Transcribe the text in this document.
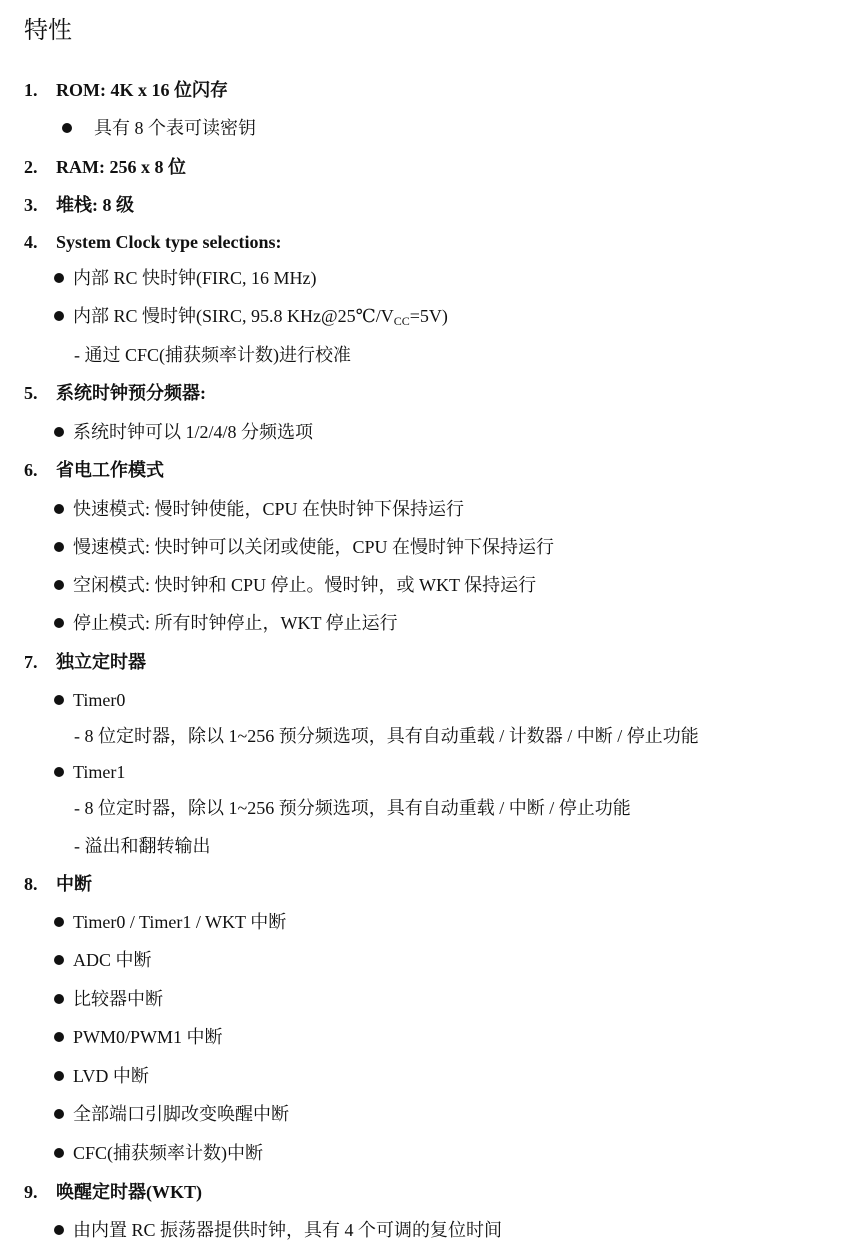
特性
1. ROM: 4K x 16 位闪存
具有 8 个表可读密钥
2. RAM: 256 x 8 位
3. 堆栈: 8 级
4. System Clock type selections:
内部 RC 快时钟(FIRC, 16 MHz)
内部 RC 慢时钟(SIRC, 95.8 $KHz@25℃/V_{CC}=5V$)
- 通过 CFC(捕获频率计数)进行校准
5. 系统时钟预分频器:
系统时钟可以 1/2/4/8 分频选项
6. 省电工作模式
快速模式: 慢时钟使能，CPU 在快时钟下保持运行
慢速模式: 快时钟可以关闭或使能，CPU 在慢时钟下保持运行
空闲模式: 快时钟和 CPU 停止。慢时钟，或 WKT 保持运行
停止模式: 所有时钟停止，WKT 停止运行
7. 独立定时器
Timer0
- 8 位定时器，除以 1~256 预分频选项，具有自动重载 / 计数器 / 中断 / 停止功能
Timer1
- 8 位定时器，除以 1~256 预分频选项，具有自动重载 / 中断 / 停止功能
- 溢出和翻转输出
8. 中断
Timer0 / Timer1 / WKT 中断
ADC 中断
比较器中断
PWM0/PWM1 中断
LVD 中断
全部端口引脚改变唤醒中断
CFC(捕获频率计数)中断
9. 唤醒定时器(WKT)
由内置 RC 振荡器提供时钟，具有 4 个可调的复位时间
